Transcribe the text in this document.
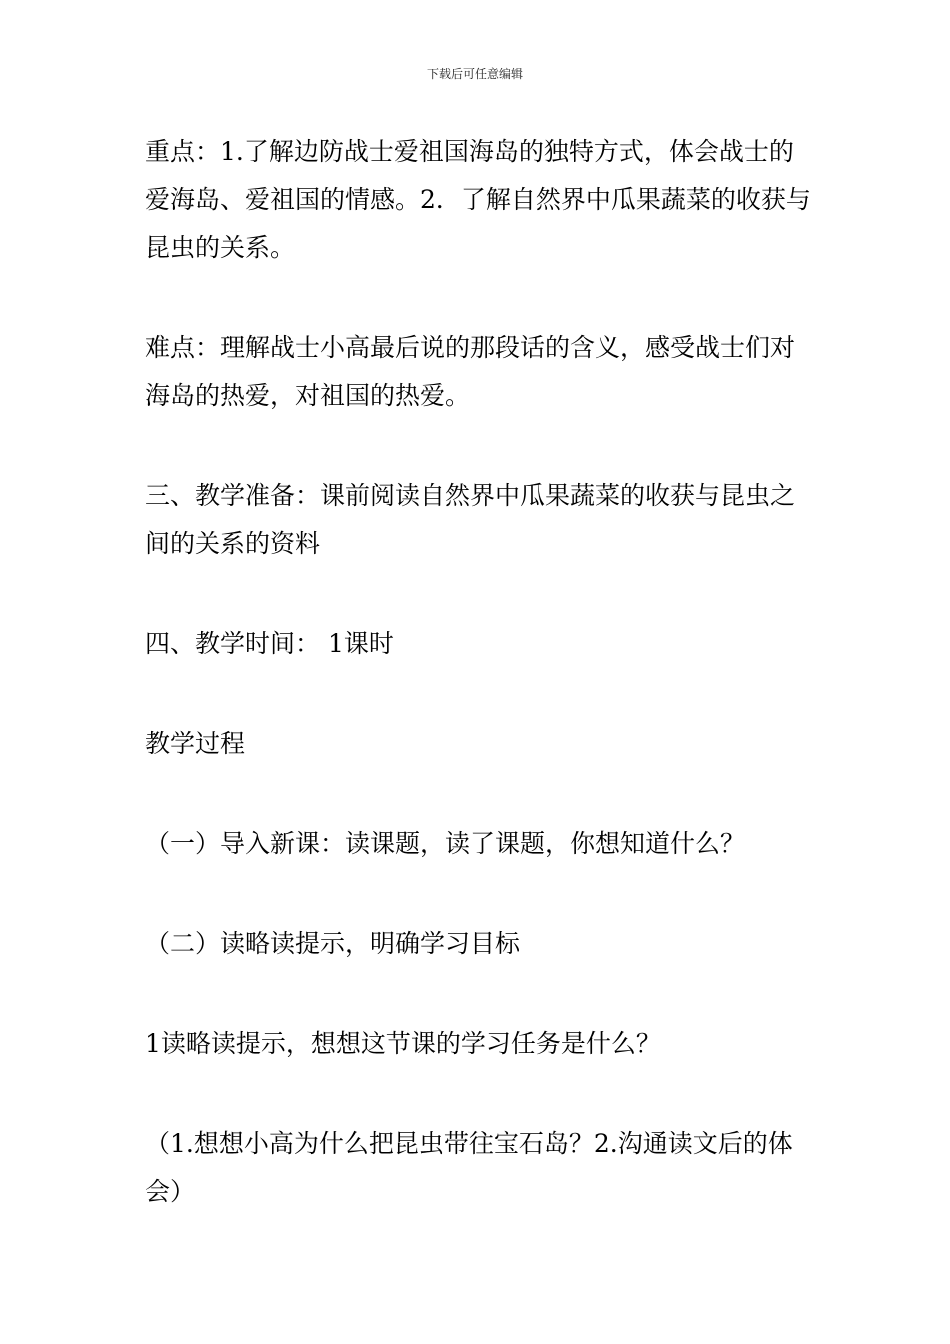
下载后可任意编辑

重点：1.了解边防战士爱祖国海岛的独特方式，体会战士的爱海岛、爱祖国的情感。2．了解自然界中瓜果蔬菜的收获与昆虫的关系。

难点：理解战士小高最后说的那段话的含义，感受战士们对海岛的热爱，对祖国的热爱。

三、教学准备：课前阅读自然界中瓜果蔬菜的收获与昆虫之间的关系的资料

四、教学时间： 1课时

教学过程

（一）导入新课：读课题，读了课题，你想知道什么？

（二）读略读提示，明确学习目标

1读略读提示，想想这节课的学习任务是什么？

（1.想想小高为什么把昆虫带往宝石岛？2.沟通读文后的体会）
